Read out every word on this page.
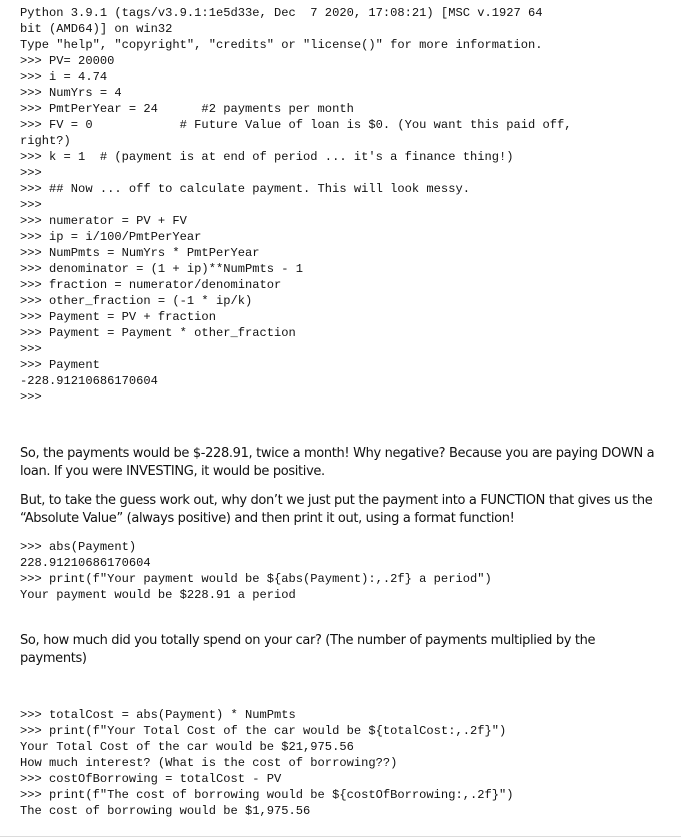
Python 3.9.1 (tags/v3.9.1:1e5d33e, Dec  7 2020, 17:08:21) [MSC v.1927 64
bit (AMD64)] on win32
Type "help", "copyright", "credits" or "license()" for more information.
>>> PV= 20000
>>> i = 4.74
>>> NumYrs = 4
>>> PmtPerYear = 24      #2 payments per month
>>> FV = 0            # Future Value of loan is $0. (You want this paid off,
right?)
>>> k = 1  # (payment is at end of period ... it's a finance thing!)
>>>
>>> ## Now ... off to calculate payment. This will look messy.
>>>
>>> numerator = PV + FV
>>> ip = i/100/PmtPerYear
>>> NumPmts = NumYrs * PmtPerYear
>>> denominator = (1 + ip)**NumPmts - 1
>>> fraction = numerator/denominator
>>> other_fraction = (-1 * ip/k)
>>> Payment = PV + fraction
>>> Payment = Payment * other_fraction
>>>
>>> Payment
-228.91210686170604
>>>

So, the payments would be $-228.91, twice a month! Why negative? Because you are paying DOWN a loan. If you were INVESTING, it would be positive.

But, to take the guess work out, why don’t we just put the payment into a FUNCTION that gives us the “Absolute Value” (always positive) and then print it out, using a format function!

>>> abs(Payment)
228.91210686170604
>>> print(f"Your payment would be ${abs(Payment):,.2f} a period")
Your payment would be $228.91 a period

So, how much did you totally spend on your car? (The number of payments multiplied by the payments)

>>> totalCost = abs(Payment) * NumPmts
>>> print(f"Your Total Cost of the car would be ${totalCost:,.2f}")
Your Total Cost of the car would be $21,975.56
How much interest? (What is the cost of borrowing??)
>>> costOfBorrowing = totalCost - PV
>>> print(f"The cost of borrowing would be ${costOfBorrowing:,.2f}")
The cost of borrowing would be $1,975.56
